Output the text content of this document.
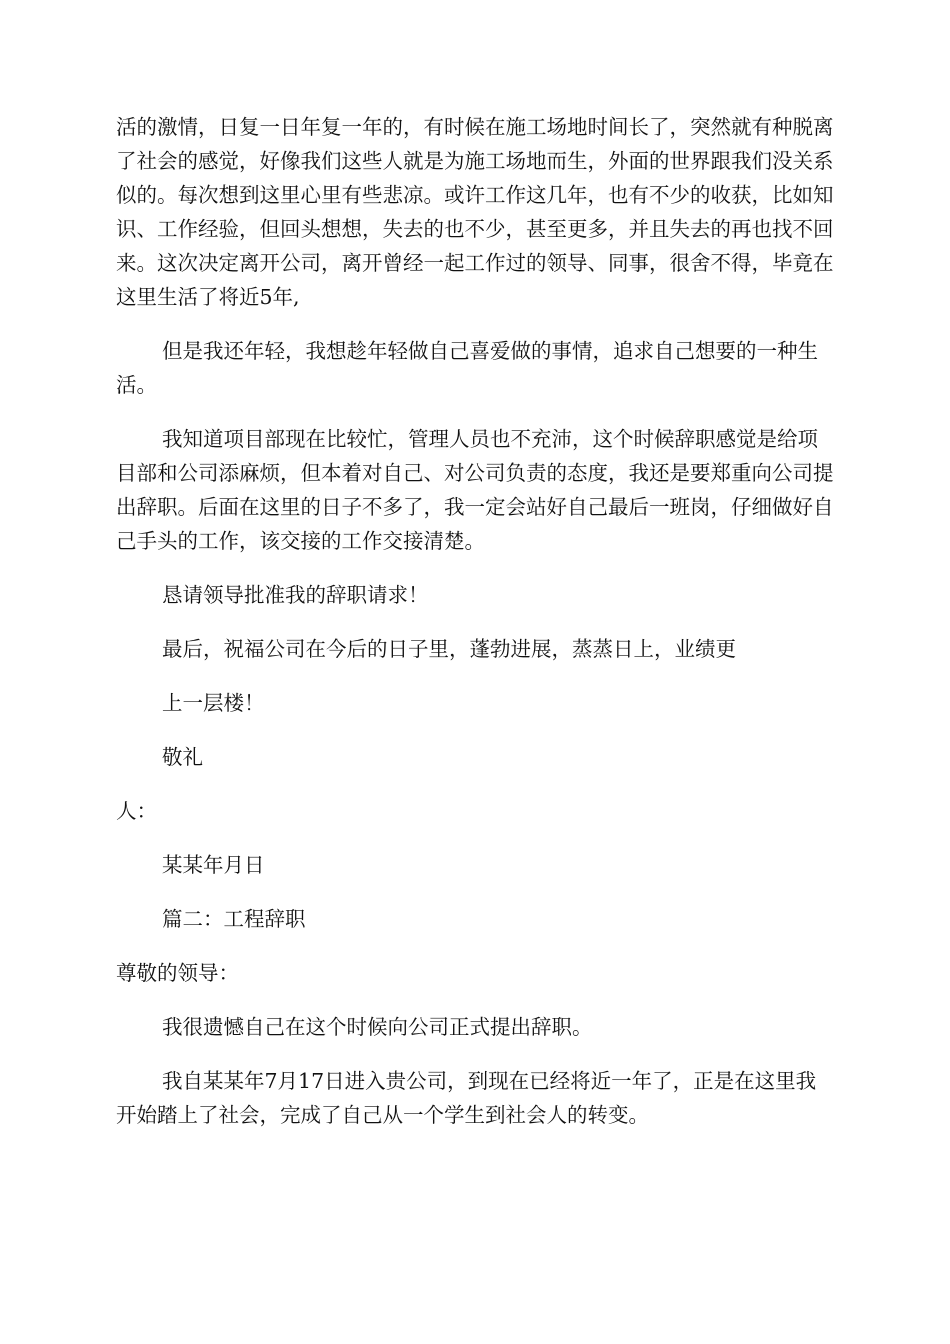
活的激情，日复一日年复一年的，有时候在施工场地时间长了，突然就有种脱离了社会的感觉，好像我们这些人就是为施工场地而生，外面的世界跟我们没关系似的。每次想到这里心里有些悲凉。或许工作这几年，也有不少的收获，比如知识、工作经验，但回头想想，失去的也不少，甚至更多，并且失去的再也找不回来。这次决定离开公司，离开曾经一起工作过的领导、同事，很舍不得，毕竟在这里生活了将近5年,

但是我还年轻，我想趁年轻做自己喜爱做的事情，追求自己想要的一种生活。

我知道项目部现在比较忙，管理人员也不充沛，这个时候辞职感觉是给项目部和公司添麻烦，但本着对自己、对公司负责的态度，我还是要郑重向公司提出辞职。后面在这里的日子不多了，我一定会站好自己最后一班岗，仔细做好自己手头的工作，该交接的工作交接清楚。

恳请领导批准我的辞职请求！

最后，祝福公司在今后的日子里，蓬勃进展，蒸蒸日上，业绩更

上一层楼！

敬礼

人：

某某年月日

篇二：工程辞职

尊敬的领导：

我很遗憾自己在这个时候向公司正式提出辞职。

我自某某年7月17日进入贵公司，到现在已经将近一年了，正是在这里我开始踏上了社会，完成了自己从一个学生到社会人的转变。
